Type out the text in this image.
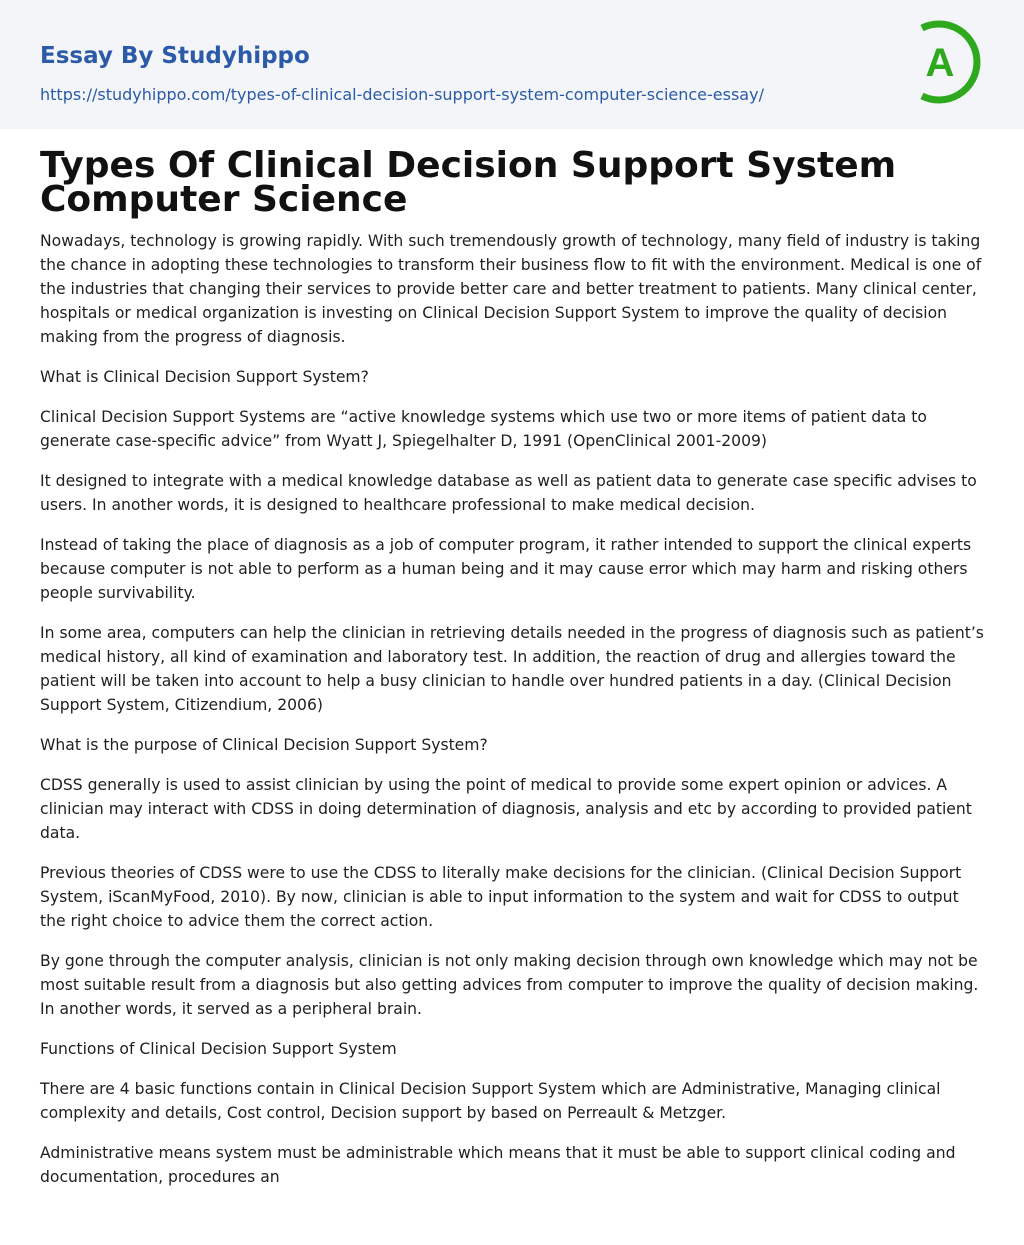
Essay By Studyhippo
https://studyhippo.com/types-of-clinical-decision-support-system-computer-science-essay/
A
Types Of Clinical Decision Support System Computer Science

Nowadays, technology is growing rapidly. With such tremendously growth of technology, many field of industry is taking the chance in adopting these technologies to transform their business flow to fit with the environment. Medical is one of the industries that changing their services to provide better care and better treatment to patients. Many clinical center, hospitals or medical organization is investing on Clinical Decision Support System to improve the quality of decision making from the progress of diagnosis.

What is Clinical Decision Support System?

Clinical Decision Support Systems are “active knowledge systems which use two or more items of patient data to generate case-specific advice” from Wyatt J, Spiegelhalter D, 1991 (OpenClinical 2001-2009)

It designed to integrate with a medical knowledge database as well as patient data to generate case specific advises to users. In another words, it is designed to healthcare professional to make medical decision.

Instead of taking the place of diagnosis as a job of computer program, it rather intended to support the clinical experts because computer is not able to perform as a human being and it may cause error which may harm and risking others people survivability.

In some area, computers can help the clinician in retrieving details needed in the progress of diagnosis such as patient’s medical history, all kind of examination and laboratory test. In addition, the reaction of drug and allergies toward the patient will be taken into account to help a busy clinician to handle over hundred patients in a day. (Clinical Decision Support System, Citizendium, 2006)

What is the purpose of Clinical Decision Support System?

CDSS generally is used to assist clinician by using the point of medical to provide some expert opinion or advices. A clinician may interact with CDSS in doing determination of diagnosis, analysis and etc by according to provided patient data.

Previous theories of CDSS were to use the CDSS to literally make decisions for the clinician. (Clinical Decision Support System, iScanMyFood, 2010). By now, clinician is able to input information to the system and wait for CDSS to output the right choice to advice them the correct action.

By gone through the computer analysis, clinician is not only making decision through own knowledge which may not be most suitable result from a diagnosis but also getting advices from computer to improve the quality of decision making. In another words, it served as a peripheral brain.

Functions of Clinical Decision Support System

There are 4 basic functions contain in Clinical Decision Support System which are Administrative, Managing clinical complexity and details, Cost control, Decision support by based on Perreault & Metzger.

Administrative means system must be administrable which means that it must be able to support clinical coding and documentation, procedures an
